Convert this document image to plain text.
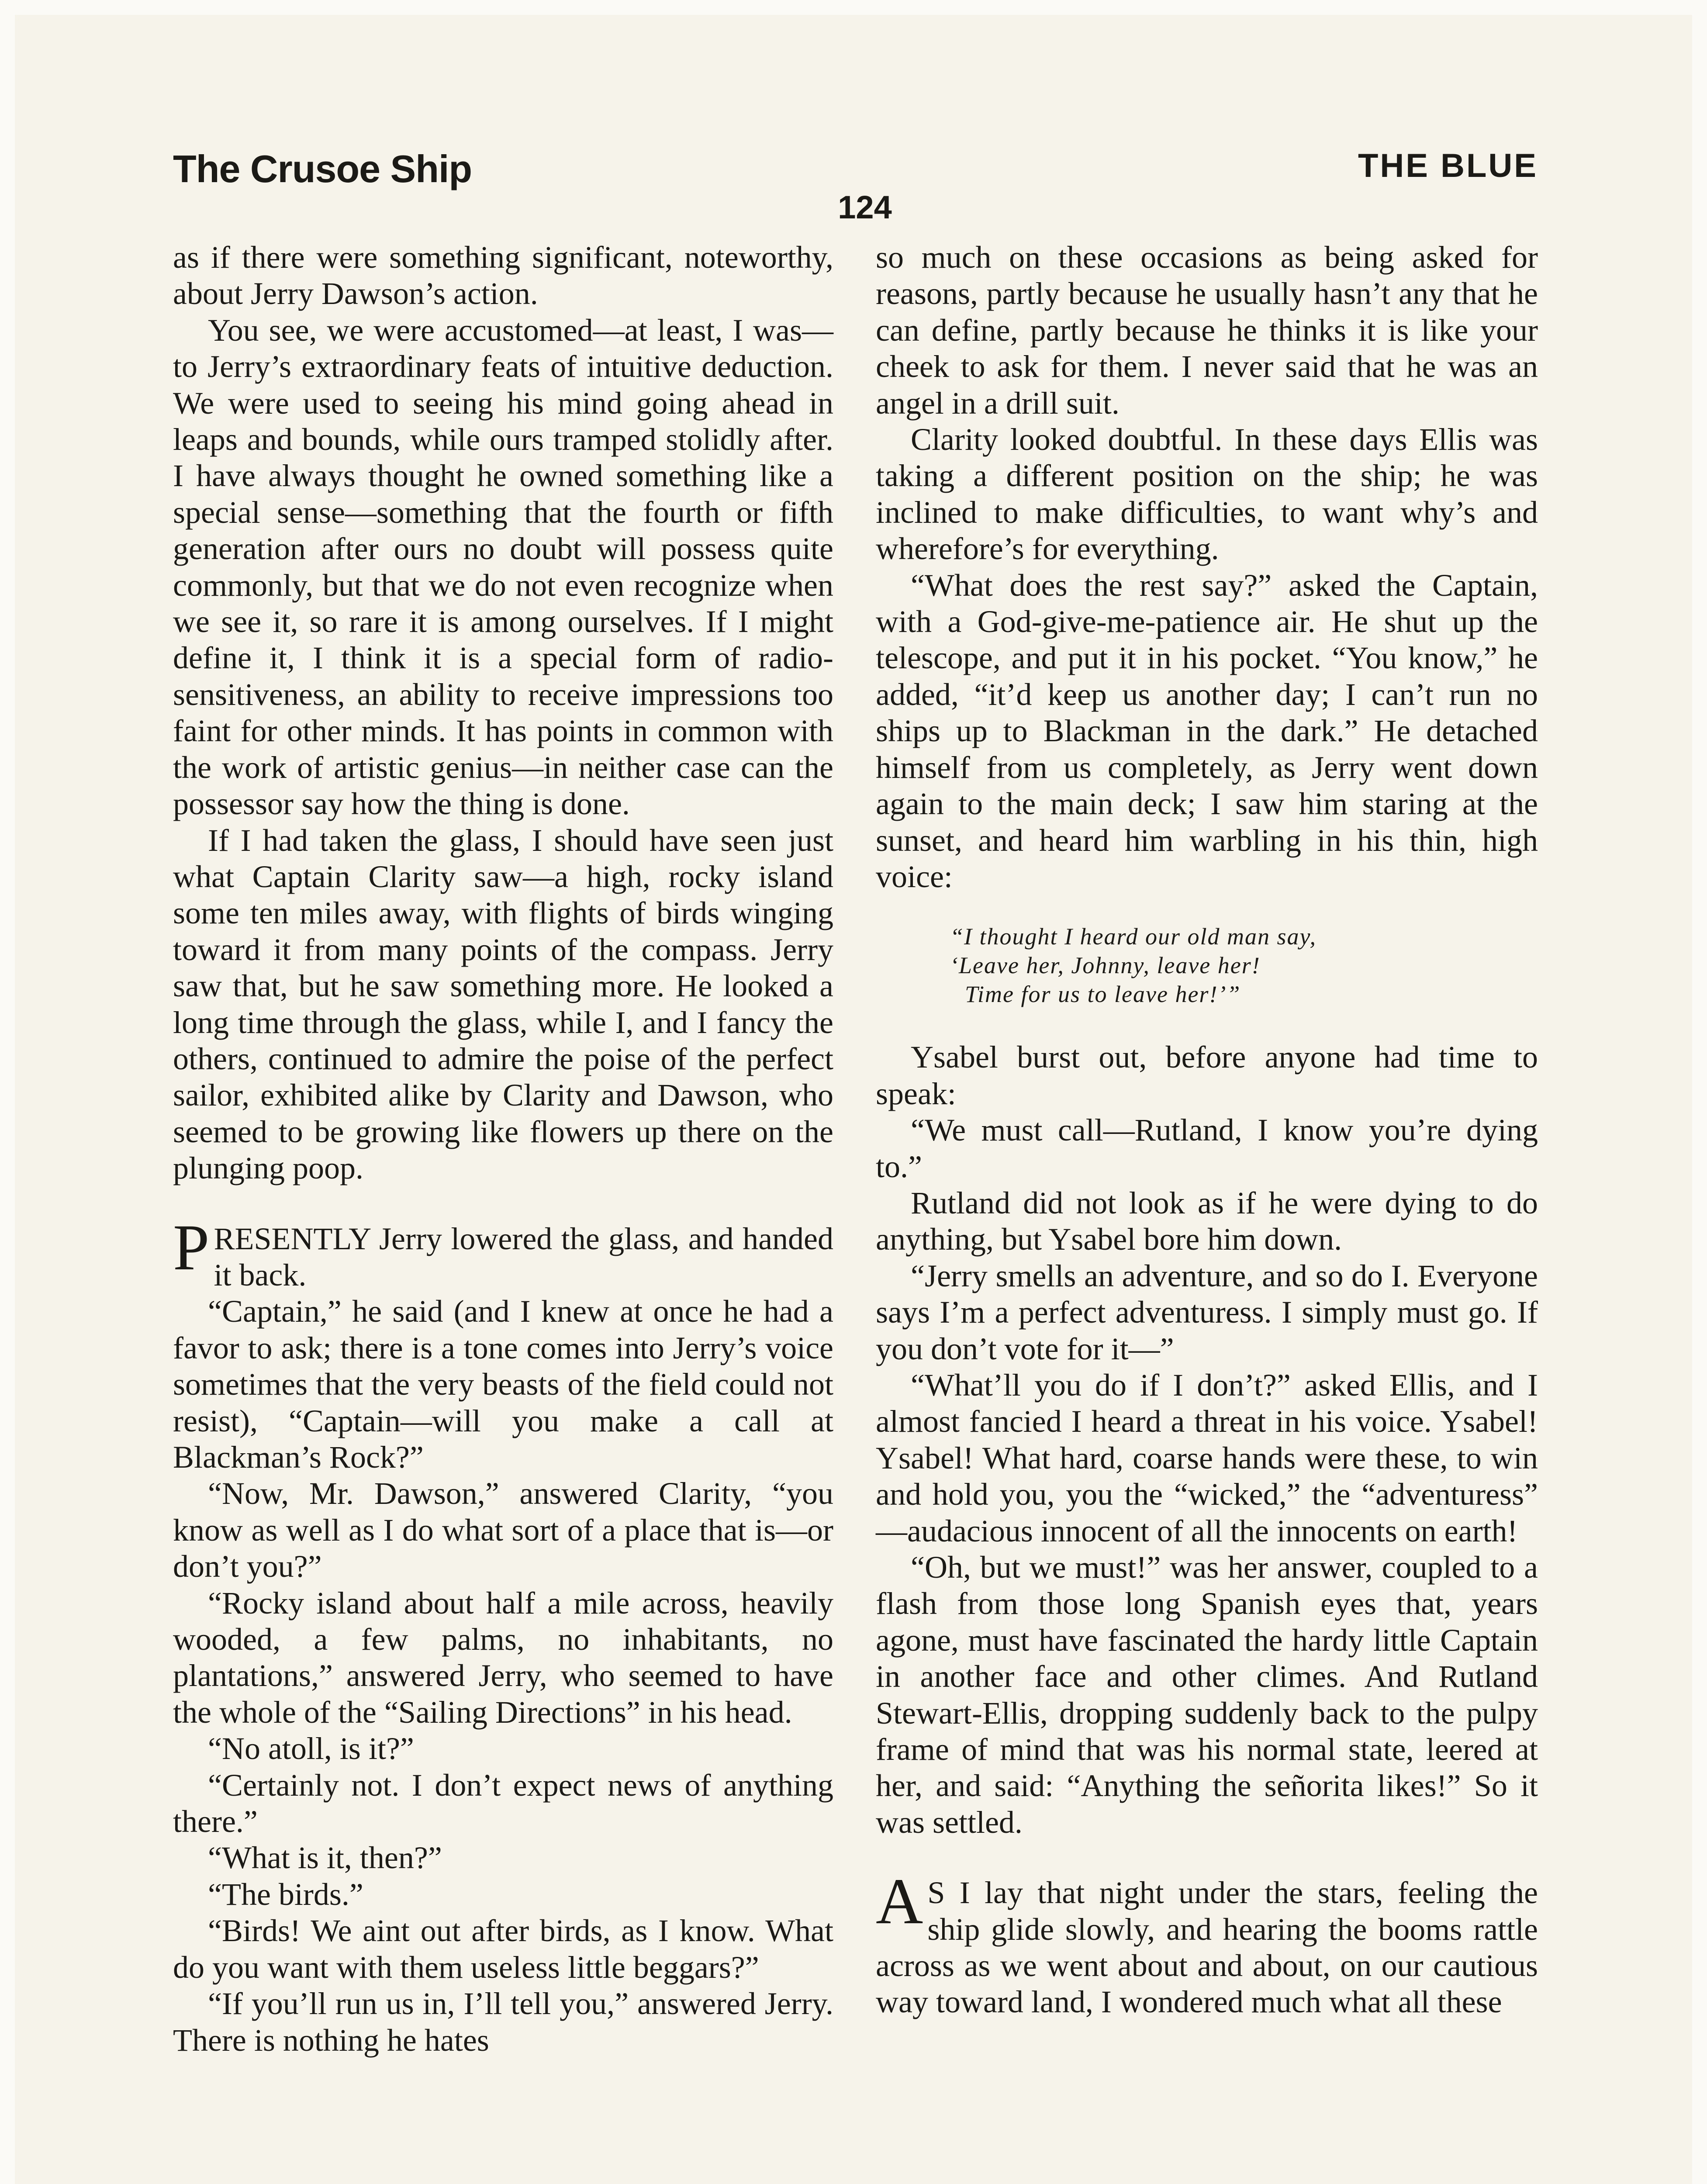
The Crusoe Ship	THE BLUE
124

as if there were something significant, noteworthy, about Jerry Dawson’s action.

You see, we were accustomed—at least, I was—to Jerry’s extraordinary feats of intuitive deduction. We were used to seeing his mind going ahead in leaps and bounds, while ours tramped stolidly after. I have always thought he owned something like a special sense—something that the fourth or fifth generation after ours no doubt will possess quite commonly, but that we do not even recognize when we see it, so rare it is among ourselves. If I might define it, I think it is a special form of radio-sensitiveness, an ability to receive impressions too faint for other minds. It has points in common with the work of artistic genius—in neither case can the possessor say how the thing is done.

If I had taken the glass, I should have seen just what Captain Clarity saw—a high, rocky island some ten miles away, with flights of birds winging toward it from many points of the compass. Jerry saw that, but he saw something more. He looked a long time through the glass, while I, and I fancy the others, continued to admire the poise of the perfect sailor, exhibited alike by Clarity and Dawson, who seemed to be growing like flowers up there on the plunging poop.

PRESENTLY Jerry lowered the glass, and handed it back.

“Captain,” he said (and I knew at once he had a favor to ask; there is a tone comes into Jerry’s voice sometimes that the very beasts of the field could not resist), “Captain—will you make a call at Blackman’s Rock?”

“Now, Mr. Dawson,” answered Clarity, “you know as well as I do what sort of a place that is—or don’t you?”

“Rocky island about half a mile across, heavily wooded, a few palms, no inhabitants, no plantations,” answered Jerry, who seemed to have the whole of the “Sailing Directions” in his head.

“No atoll, is it?”

“Certainly not. I don’t expect news of anything there.”

“What is it, then?”

“The birds.”

“Birds! We aint out after birds, as I know. What do you want with them useless little beggars?”

“If you’ll run us in, I’ll tell you,” answered Jerry. There is nothing he hates

so much on these occasions as being asked for reasons, partly because he usually hasn’t any that he can define, partly because he thinks it is like your cheek to ask for them. I never said that he was an angel in a drill suit.

Clarity looked doubtful. In these days Ellis was taking a different position on the ship; he was inclined to make difficulties, to want why’s and wherefore’s for everything.

“What does the rest say?” asked the Captain, with a God-give-me-patience air. He shut up the telescope, and put it in his pocket. “You know,” he added, “it’d keep us another day; I can’t run no ships up to Blackman in the dark.” He detached himself from us completely, as Jerry went down again to the main deck; I saw him staring at the sunset, and heard him warbling in his thin, high voice:

“I thought I heard our old man say,
‘Leave her, Johnny, leave her!
Time for us to leave her!’”

Ysabel burst out, before anyone had time to speak:

“We must call—Rutland, I know you’re dying to.”

Rutland did not look as if he were dying to do anything, but Ysabel bore him down.

“Jerry smells an adventure, and so do I. Everyone says I’m a perfect adventuress. I simply must go. If you don’t vote for it—”

“What’ll you do if I don’t?” asked Ellis, and I almost fancied I heard a threat in his voice. Ysabel! Ysabel! What hard, coarse hands were these, to win and hold you, you the “wicked,” the “adventuress” —audacious innocent of all the innocents on earth!

“Oh, but we must!” was her answer, coupled to a flash from those long Spanish eyes that, years agone, must have fascinated the hardy little Captain in another face and other climes. And Rutland Stewart-Ellis, dropping suddenly back to the pulpy frame of mind that was his normal state, leered at her, and said: “Anything the señorita likes!” So it was settled.

A S I lay that night under the stars, feeling the ship glide slowly, and hearing the booms rattle across as we went about and about, on our cautious way toward land, I wondered much what all these
